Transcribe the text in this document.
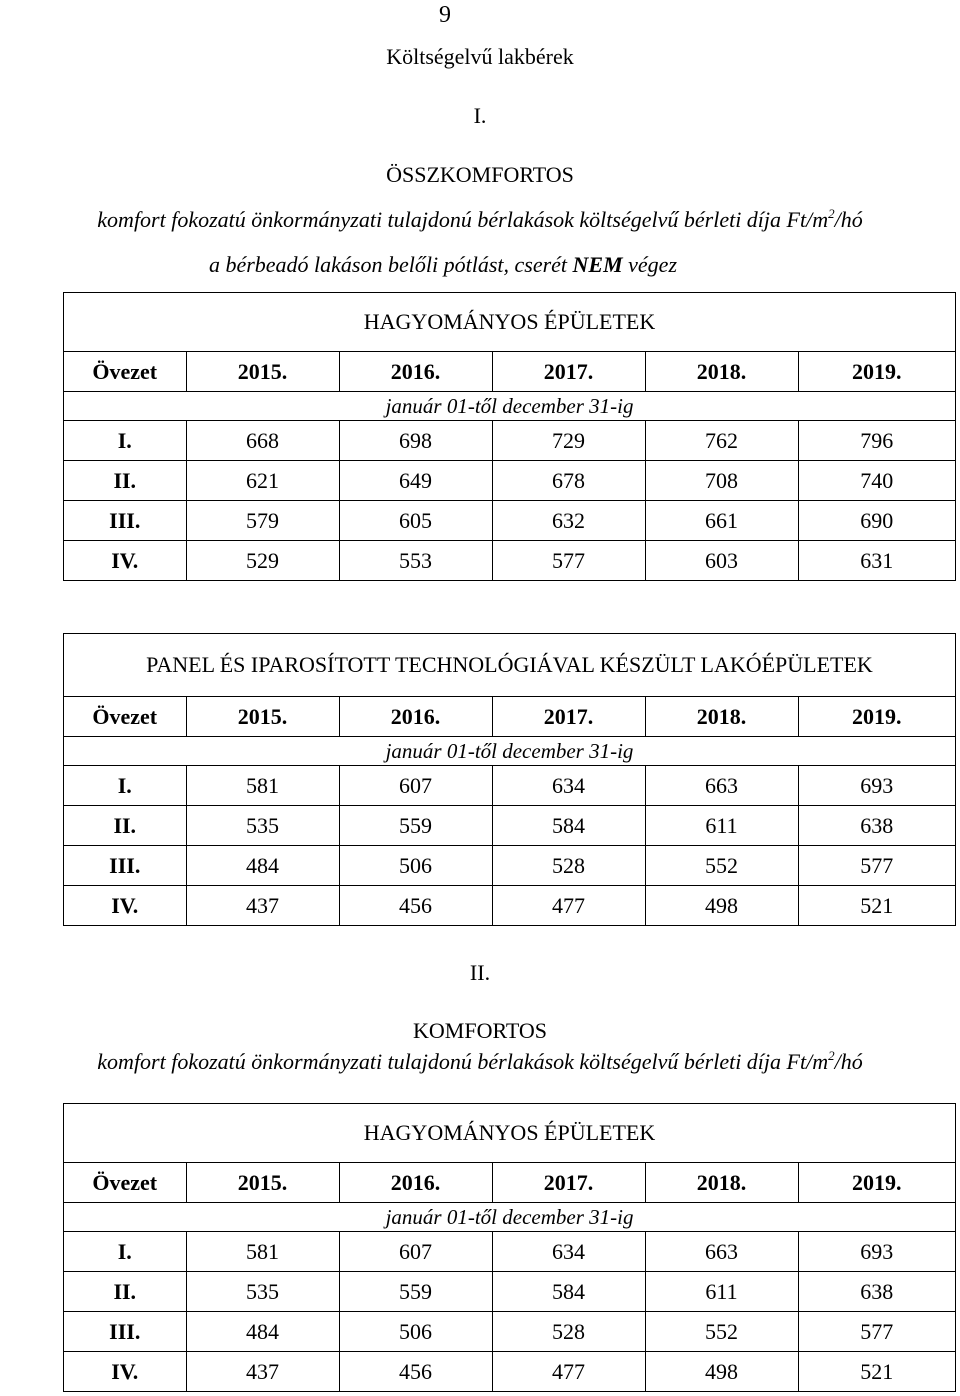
9
Költségelvű lakbérek
I.
ÖSSZKOMFORTOS
komfort fokozatú önkormányzati tulajdonú bérlakások költségelvű bérleti díja $Ft/m^2/hó$
a bérbeadó lakáson belőli pótlást, cserét NEM végez
HAGYOMÁNYOS ÉPÜLETEK					
Övezet	2015.	2016.	2017.	2018.	2019.
január 01-től december 31-ig					
I.	668	698	729	762	796
II.	621	649	678	708	740
III.	579	605	632	661	690
IV.	529	553	577	603	631
PANEL ÉS IPAROSÍTOTT TECHNOLÓGIÁVAL KÉSZÜLT LAKÓÉPÜLETEK					
Övezet	2015.	2016.	2017.	2018.	2019.
január 01-től december 31-ig					
I.	581	607	634	663	693
II.	535	559	584	611	638
III.	484	506	528	552	577
IV.	437	456	477	498	521
II.
KOMFORTOS
komfort fokozatú önkormányzati tulajdonú bérlakások költségelvű bérleti díja $Ft/m^2/hó$
HAGYOMÁNYOS ÉPÜLETEK					
Övezet	2015.	2016.	2017.	2018.	2019.
január 01-től december 31-ig					
I.	581	607	634	663	693
II.	535	559	584	611	638
III.	484	506	528	552	577
IV.	437	456	477	498	521
